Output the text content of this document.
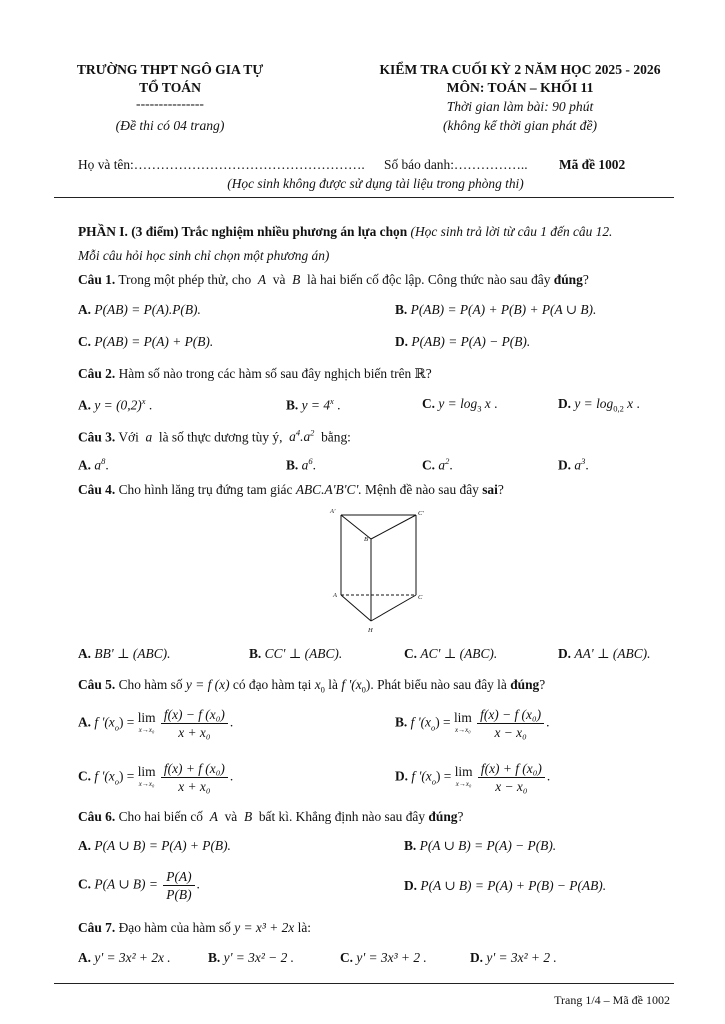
TRƯỜNG THPT NGÔ GIA TỰ
TỔ TOÁN
---------------
(Đề thi có 04 trang)
KIỂM TRA CUỐI KỲ 2 NĂM HỌC 2025 - 2026
MÔN: TOÁN – KHỐI 11
Thời gian làm bài: 90 phút
(không kể thời gian phát đề)
Họ và tên:……………………………………………. Số báo danh:…………….. Mã đề 1002
(Học sinh không được sử dụng tài liệu trong phòng thi)
PHẦN I. (3 điểm) Trắc nghiệm nhiều phương án lựa chọn (Học sinh trả lời từ câu 1 đến câu 12.
Mỗi câu hỏi học sinh chỉ chọn một phương án)
Câu 1. Trong một phép thử, cho  A  và  B  là hai biến cố độc lập. Công thức nào sau đây đúng?
A. P(AB) = P(A).P(B).	B. P(AB) = P(A) + P(B) + P(A ∪ B).
C. P(AB) = P(A) + P(B).	D. P(AB) = P(A) − P(B).
Câu 2. Hàm số nào trong các hàm số sau đây nghịch biến trên ℝ?
A. $y = (0,2)^x$ .	B. $y = 4^x$ .	C. $y = \log_3 x$ .	D. $y = \log_{0,2} x$ .
Câu 3. Với  a  là số thực dương tùy ý,  $a^4.a^2$ bằng:
A. $a^8$.	B. $a^6$.	C. $a^2$.	D. $a^3$.
Câu 4. Cho hình lăng trụ đứng tam giác ABC.A'B'C'. Mệnh đề nào sau đây sai?
A'	C'
B'
A	C
H
A. BB' ⊥ (ABC).	B. CC' ⊥ (ABC).	C. AC' ⊥ (ABC).	D. AA' ⊥ (ABC).
Câu 5. Cho hàm số y = f (x) có đạo hàm tại $x_0$ là f '$(x_0)$. Phát biểu nào sau đây là đúng?
A. f '$(x_o) = \lim$
x→x₀
$\frac{\text{f(x) − f (x₀)}}{\text{x + x₀}}$ .	B. f '$(x_o) = \lim$
x→x₀
$\frac{\text{f(x) − f (x₀)}}{\text{x − x₀}}$ .
C. f '$(x_o) = \lim$
x→x₀
$\frac{\text{f(x) + f (x₀)}}{\text{x + x₀}}$ .	D. f '$(x_o) = \lim$
x→x₀
$\frac{\text{f(x) + f (x₀)}}{\text{x − x₀}}$ .
Câu 6. Cho hai biến cố  A  và  B  bất kì. Khẳng định nào sau đây đúng?
A. P(A ∪ B) = P(A) + P(B).	B. P(A ∪ B) = P(A) − P(B).
C. P(A ∪ $B) = \frac{P(A)}{P(B)}$ .	D. P(A ∪ B) = P(A) + P(B) − P(AB).
Câu 7. Đạo hàm của hàm số y = x³ + 2x là:
A. y' = 3x² + 2x .	B. y' = 3x² − 2 .	C. y' = 3x³ + 2 .	D. y' = 3x² + 2 .
Trang 1/4 – Mã đề 1002
